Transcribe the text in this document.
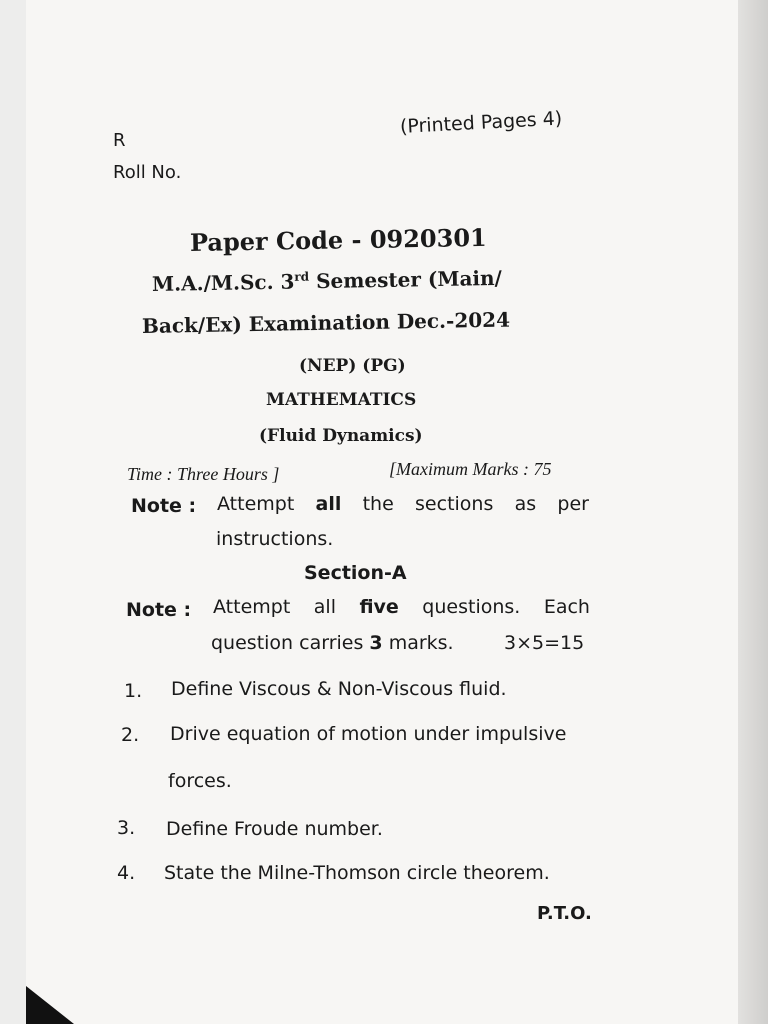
R
(Printed Pages 4)
Roll No.
Paper Code - 0920301
M.A./M.Sc. 3rd Semester (Main/
Back/Ex) Examination Dec.-2024
(NEP) (PG)
MATHEMATICS
(Fluid Dynamics)
Time : Three Hours ]	[Maximum Marks : 75
Note : Attempt all the sections as per
instructions.
Section-A
Note : Attempt all five questions. Each
question carries 3 marks.	3×5=15
1. Define Viscous & Non-Viscous fluid.
2. Drive equation of motion under impulsive
forces.
3. Define Froude number.
4. State the Milne-Thomson circle theorem.
P.T.O.
